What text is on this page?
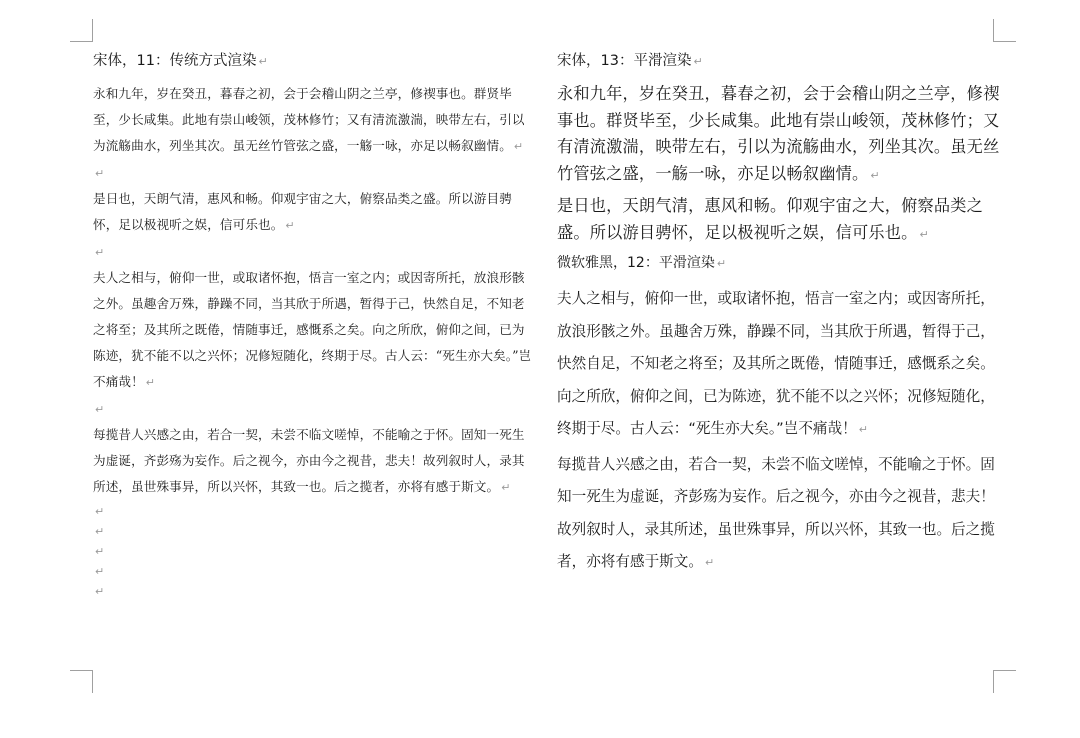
宋体，11：传统方式渲染 ↵

永和九年，岁在癸丑，暮春之初，会于会稽山阴之兰亭，修禊事也。群贤毕至，少长咸集。此地有崇山峻领，茂林修竹；又有清流激湍，映带左右，引以为流觞曲水，列坐其次。虽无丝竹管弦之盛，一觞一咏，亦足以畅叙幽情。 ↵

↵

是日也，天朗气清，惠风和畅。仰观宇宙之大，俯察品类之盛。所以游目骋怀，足以极视听之娱，信可乐也。 ↵

↵

夫人之相与，俯仰一世，或取诸怀抱，悟言一室之内；或因寄所托，放浪形骸之外。虽趣舍万殊，静躁不同，当其欣于所遇，暂得于己，快然自足，不知老之将至；及其所之既倦，情随事迁，感慨系之矣。向之所欣，俯仰之间，已为陈迹，犹不能不以之兴怀；况修短随化，终期于尽。古人云：“死生亦大矣。”岂不痛哉！ ↵

↵

每揽昔人兴感之由，若合一契，未尝不临文嗟悼，不能喻之于怀。固知一死生为虚诞，齐彭殇为妄作。后之视今，亦由今之视昔，悲夫！故列叙时人，录其所述，虽世殊事异，所以兴怀，其致一也。后之揽者，亦将有感于斯文。 ↵

↵

↵

↵

↵

↵

宋体，13：平滑渲染 ↵

永和九年，岁在癸丑，暮春之初，会于会稽山阴之兰亭，修禊事也。群贤毕至，少长咸集。此地有崇山峻领，茂林修竹；又有清流激湍，映带左右，引以为流觞曲水，列坐其次。虽无丝竹管弦之盛，一觞一咏，亦足以畅叙幽情。 ↵

是日也，天朗气清，惠风和畅。仰观宇宙之大，俯察品类之盛。所以游目骋怀，足以极视听之娱，信可乐也。 ↵

微软雅黑，12：平滑渲染 ↵

夫人之相与，俯仰一世，或取诸怀抱，悟言一室之内；或因寄所托，放浪形骸之外。虽趣舍万殊，静躁不同，当其欣于所遇，暂得于己，快然自足，不知老之将至；及其所之既倦，情随事迁，感慨系之矣。向之所欣，俯仰之间，已为陈迹，犹不能不以之兴怀；况修短随化，终期于尽。古人云：“死生亦大矣。”岂不痛哉！ ↵

每揽昔人兴感之由，若合一契，未尝不临文嗟悼，不能喻之于怀。固知一死生为虚诞，齐彭殇为妄作。后之视今，亦由今之视昔，悲夫！故列叙时人，录其所述，虽世殊事异，所以兴怀，其致一也。后之揽者，亦将有感于斯文。 ↵
